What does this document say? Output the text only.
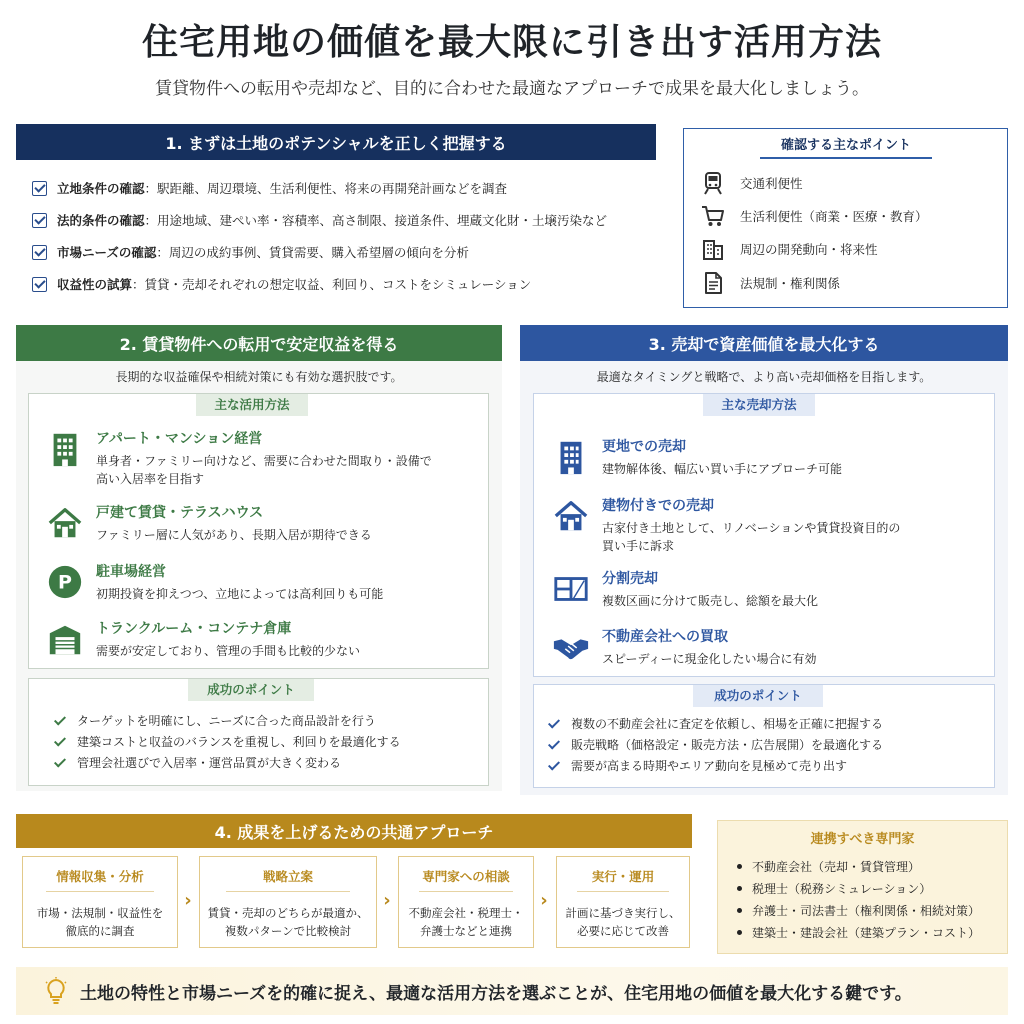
住宅用地の価値を最大限に引き出す活用方法
賃貸物件への転用や売却など、目的に合わせた最適なアプローチで成果を最大化しましょう。
1. まずは土地のポテンシャルを正しく把握する
立地条件の確認 ：駅距離、周辺環境、生活利便性、将来の再開発計画などを調査
法的条件の確認 ：用途地域、建ぺい率・容積率、高さ制限、接道条件、埋蔵文化財・土壌汚染など
市場ニーズの確認 ：周辺の成約事例、賃貸需要、購入希望層の傾向を分析
収益性の試算 ：賃貸・売却それぞれの想定収益、利回り、コストをシミュレーション
確認する主なポイント
交通利便性
生活利便性（商業・医療・教育）
周辺の開発動向・将来性
法規制・権利関係
2. 賃貸物件への転用で安定収益を得る
長期的な収益確保や相続対策にも有効な選択肢です。
主な活用方法
アパート・マンション経営
単身者・ファミリー向けなど、需要に合わせた間取り・設備で
高い入居率を目指す
戸建て賃貸・テラスハウス
ファミリー層に人気があり、長期入居が期待できる
P 駐車場経営
初期投資を抑えつつ、立地によっては高利回りも可能
トランクルーム・コンテナ倉庫
需要が安定しており、管理の手間も比較的少ない
成功のポイント
ターゲットを明確にし、ニーズに合った商品設計を行う
建築コストと収益のバランスを重視し、利回りを最適化する
管理会社選びで入居率・運営品質が大きく変わる
3. 売却で資産価値を最大化する
最適なタイミングと戦略で、より高い売却価格を目指します。
主な売却方法
更地での売却
建物解体後、幅広い買い手にアプローチ可能
建物付きでの売却
古家付き土地として、リノベーションや賃貸投資目的の
買い手に訴求
分割売却
複数区画に分けて販売し、総額を最大化
不動産会社への買取
スピーディーに現金化したい場合に有効
成功のポイント
複数の不動産会社に査定を依頼し、相場を正確に把握する
販売戦略（価格設定・販売方法・広告展開）を最適化する
需要が高まる時期やエリア動向を見極めて売り出す
4. 成果を上げるための共通アプローチ
情報収集・分析
市場・法規制・収益性を
徹底的に調査
›
戦略立案
賃貸・売却のどちらが最適か、
複数パターンで比較検討
›
専門家への相談
不動産会社・税理士・
弁護士などと連携
›
実行・運用
計画に基づき実行し、
必要に応じて改善
連携すべき専門家
不動産会社（売却・賃貸管理）
税理士（税務シミュレーション）
弁護士・司法書士（権利関係・相続対策）
建築士・建設会社（建築プラン・コスト）
土地の特性と市場ニーズを的確に捉え、最適な活用方法を選ぶことが、住宅用地の価値を最大化する鍵です。
